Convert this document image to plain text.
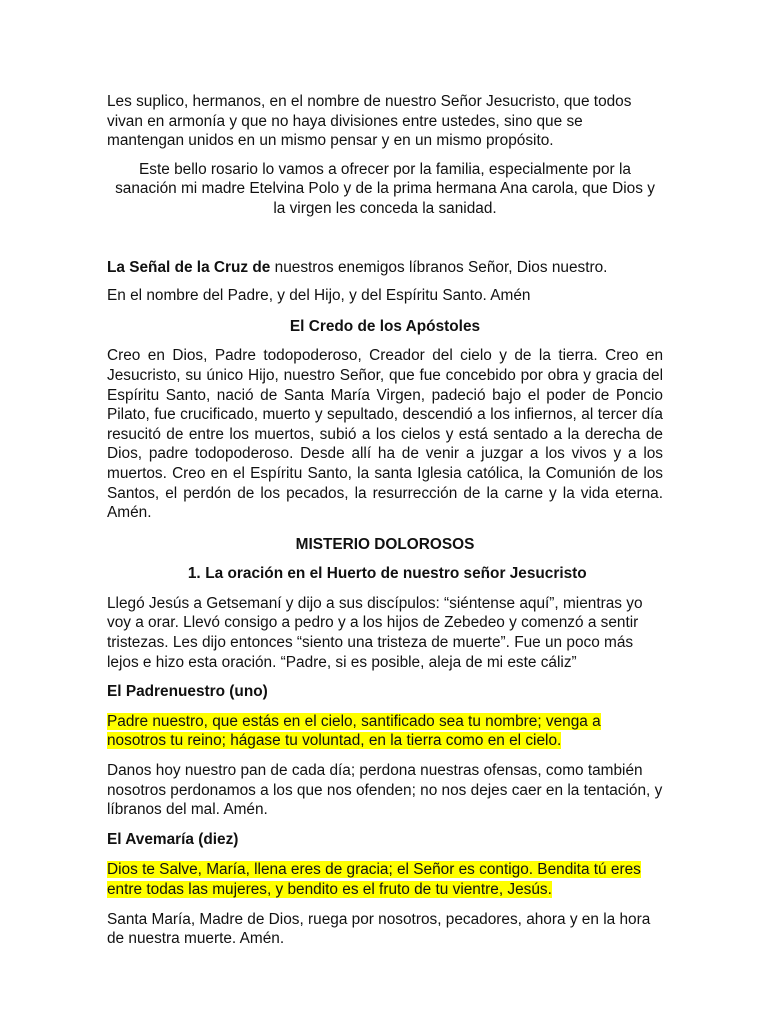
Les suplico, hermanos, en el nombre de nuestro Señor Jesucristo, que todos vivan en armonía y que no haya divisiones entre ustedes, sino que se mantengan unidos en un mismo pensar y en un mismo propósito.

Este bello rosario lo vamos a ofrecer por la familia, especialmente por la sanación mi madre Etelvina Polo y de la prima hermana Ana carola, que Dios y la virgen les conceda la sanidad.

La Señal de la Cruz de nuestros enemigos líbranos Señor, Dios nuestro.

En el nombre del Padre, y del Hijo, y del Espíritu Santo. Amén

El Credo de los Apóstoles

Creo en Dios, Padre todopoderoso, Creador del cielo y de la tierra. Creo en Jesucristo, su único Hijo, nuestro Señor, que fue concebido por obra y gracia del Espíritu Santo, nació de Santa María Virgen, padeció bajo el poder de Poncio Pilato, fue crucificado, muerto y sepultado, descendió a los infiernos, al tercer día resucitó de entre los muertos, subió a los cielos y está sentado a la derecha de Dios, padre todopoderoso. Desde allí ha de venir a juzgar a los vivos y a los muertos. Creo en el Espíritu Santo, la santa Iglesia católica, la Comunión de los Santos, el perdón de los pecados, la resurrección de la carne y la vida eterna. Amén.

MISTERIO DOLOROSOS

1. La oración en el Huerto de nuestro señor Jesucristo

Llegó Jesús a Getsemaní y dijo a sus discípulos: “siéntense aquí”, mientras yo voy a orar. Llevó consigo a pedro y a los hijos de Zebedeo y comenzó a sentir tristezas. Les dijo entonces “siento una tristeza de muerte”. Fue un poco más lejos e hizo esta oración. “Padre, si es posible, aleja de mi este cáliz”

El Padrenuestro (uno)

Padre nuestro, que estás en el cielo, santificado sea tu nombre; venga a nosotros tu reino; hágase tu voluntad, en la tierra como en el cielo.

Danos hoy nuestro pan de cada día; perdona nuestras ofensas, como también nosotros perdonamos a los que nos ofenden; no nos dejes caer en la tentación, y líbranos del mal. Amén.

El Avemaría (diez)

Dios te Salve, María, llena eres de gracia; el Señor es contigo. Bendita tú eres entre todas las mujeres, y bendito es el fruto de tu vientre, Jesús.

Santa María, Madre de Dios, ruega por nosotros, pecadores, ahora y en la hora de nuestra muerte. Amén.
